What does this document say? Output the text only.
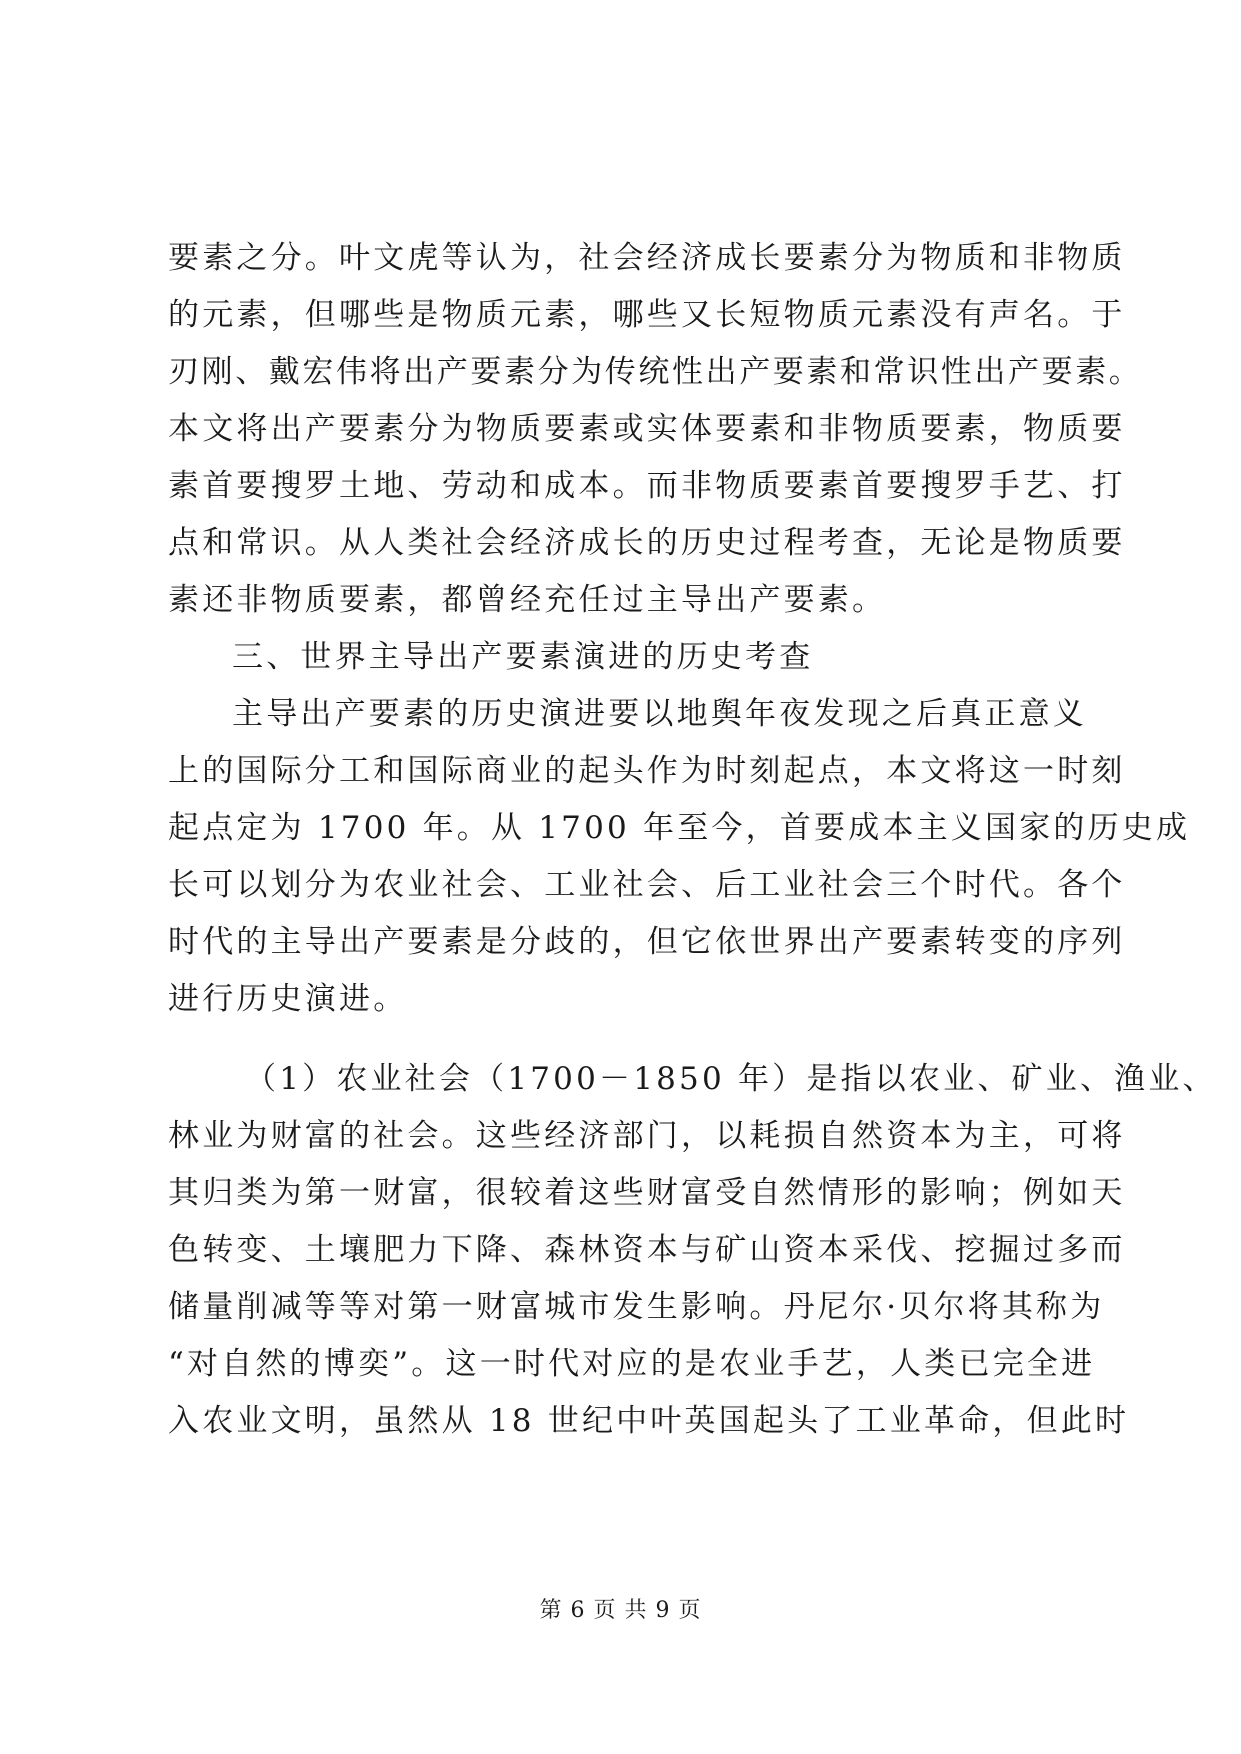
要素之分。叶文虎等认为，社会经济成长要素分为物质和非物质
的元素，但哪些是物质元素，哪些又长短物质元素没有声名。于
刃刚、戴宏伟将出产要素分为传统性出产要素和常识性出产要素。
本文将出产要素分为物质要素或实体要素和非物质要素，物质要
素首要搜罗土地、劳动和成本。而非物质要素首要搜罗手艺、打
点和常识。从人类社会经济成长的历史过程考查，无论是物质要
素还非物质要素，都曾经充任过主导出产要素。
三、世界主导出产要素演进的历史考查
主导出产要素的历史演进要以地舆年夜发现之后真正意义
上的国际分工和国际商业的起头作为时刻起点，本文将这一时刻
起点定为 1700 年。从 1700 年至今，首要成本主义国家的历史成
长可以划分为农业社会、工业社会、后工业社会三个时代。各个
时代的主导出产要素是分歧的，但它依世界出产要素转变的序列
进行历史演进。
（1）农业社会（1700－1850 年）是指以农业、矿业、渔业、
林业为财富的社会。这些经济部门，以耗损自然资本为主，可将
其归类为第一财富，很较着这些财富受自然情形的影响；例如天
色转变、土壤肥力下降、森林资本与矿山资本采伐、挖掘过多而
储量削减等等对第一财富城市发生影响。丹尼尔·贝尔将其称为
“对自然的博奕”。这一时代对应的是农业手艺，人类已完全进
入农业文明，虽然从 18 世纪中叶英国起头了工业革命，但此时
第 6 页 共 9 页
